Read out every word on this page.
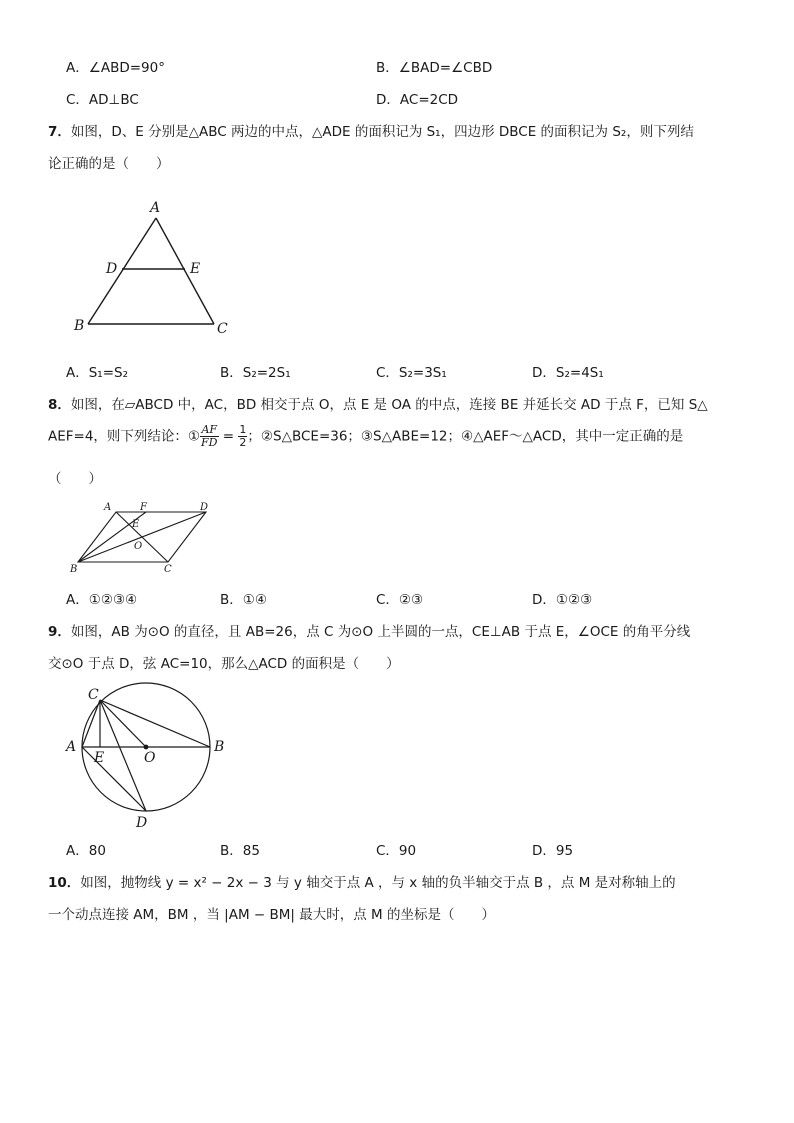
A．∠ABD=90°	B．∠BAD=∠CBD
C．AD⊥BC	D．AC=2CD
7．如图，D、E 分别是△ABC 两边的中点，△ADE 的面积记为 S₁，四边形 DBCE 的面积记为 S₂，则下列结
论正确的是（　　）
A
D	E
B	C
A．S₁=S₂	B．S₂=2S₁	C．S₂=3S₁	D．S₂=4S₁
8．如图，在▱ABCD 中，AC，BD 相交于点 O，点 E 是 OA 的中点，连接 BE 并延长交 AD 于点 F，已知 S△
AEF=4，则下列结论：① $\frac{AF}{FD} = \frac{1}{2}$ ；②S△BCE=36；③S△ABE=12；④△AEF～△ACD，其中一定正确的是
（　　）
A	F	D
E
O
B	C
A．①②③④	B．①④	C．②③	D．①②③
9．如图，AB 为⊙O 的直径，且 AB=26，点 C 为⊙O 上半圆的一点，CE⊥AB 于点 E，∠OCE 的角平分线
交⊙O 于点 D，弦 AC=10，那么△ACD 的面积是（　　）
C
A	B
E	O
D
A．80	B．85	C．90	D．95
10．如图，抛物线 y = x² − 2x − 3 与 y 轴交于点 A ，与 x 轴的负半轴交于点 B ，点 M 是对称轴上的
一个动点连接 AM，BM ，当 |AM − BM| 最大时，点 M 的坐标是（　　）
